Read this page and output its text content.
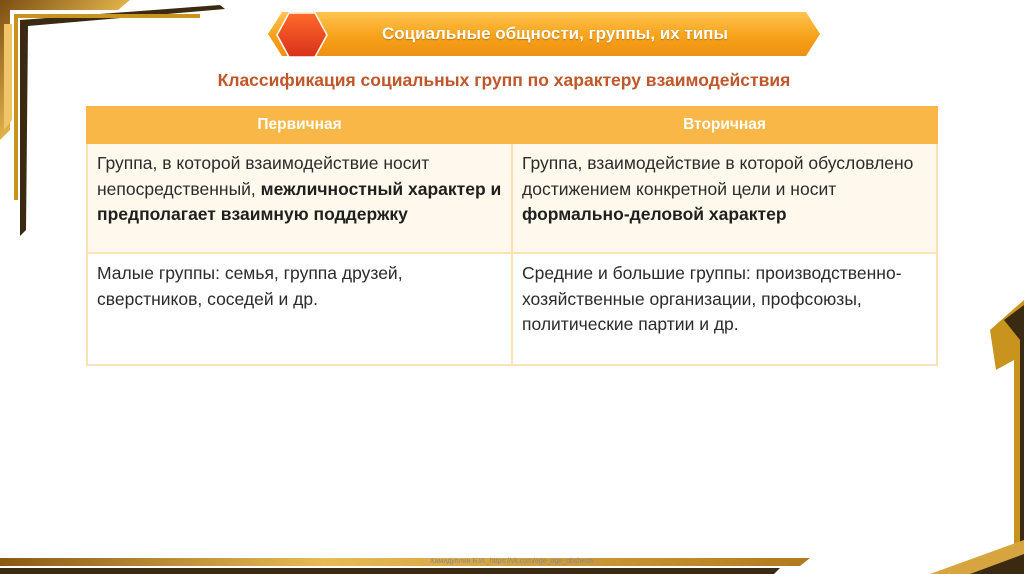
Социальные общности, группы, их типы
Классификация социальных групп по характеру взаимодействия
Первичная	Вторичная
Группа, в которой взаимодействие носит непосредственный, межличностный характер и предполагает взаимную поддержку	Группа, взаимодействие в которой обусловлено достижением конкретной цели и носит формально-деловой характер
Малые группы: семья, группа друзей, сверстников, соседей и др.	Средние и большие группы: производственно-хозяйственные организации, профсоюзы, политические партии и др.
Хамидуллин Б.И._https://vk.com/ege_oge_obshestv
